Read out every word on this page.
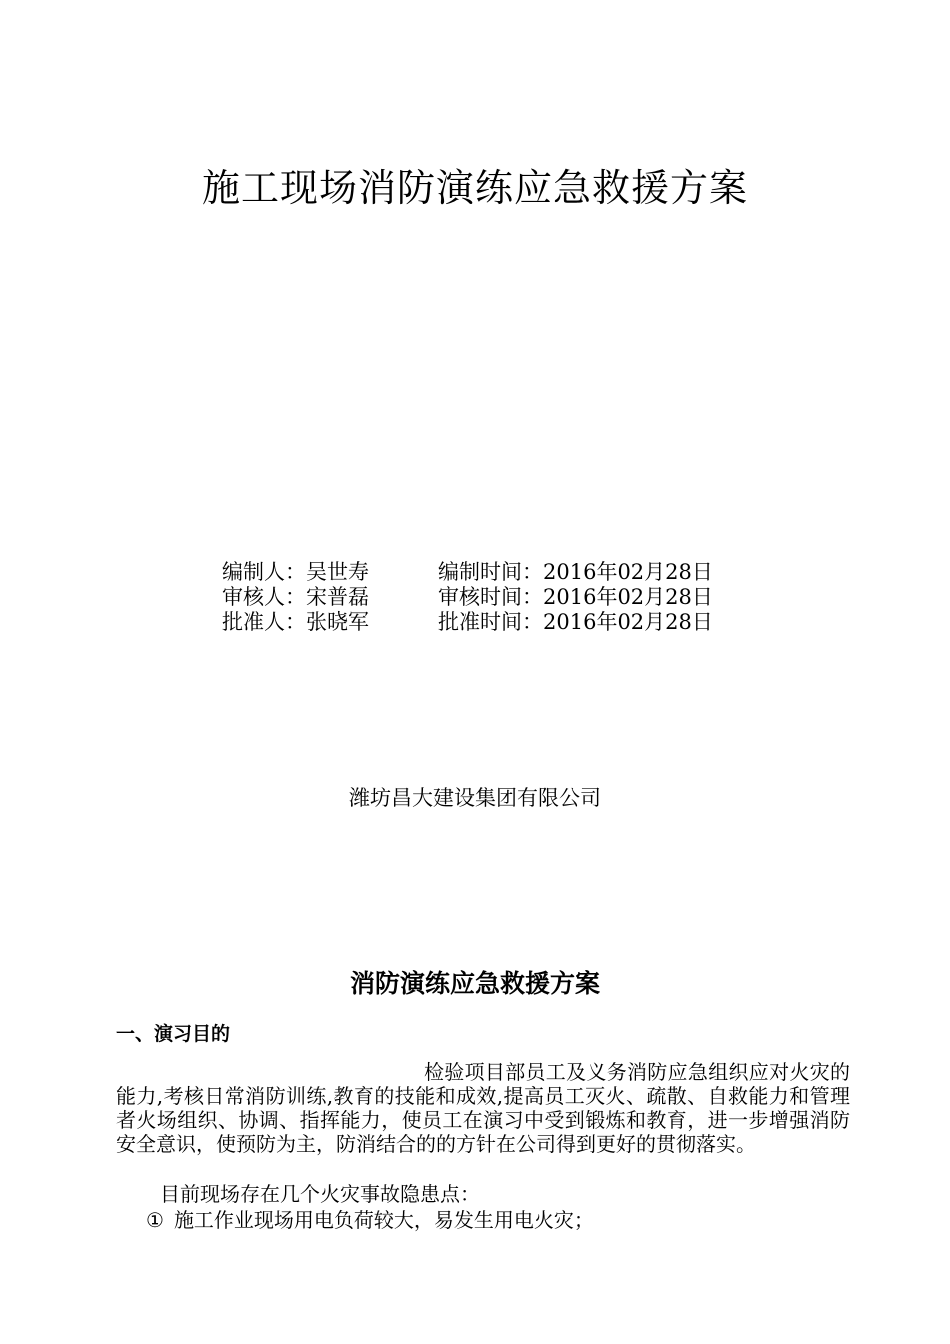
施工现场消防演练应急救援方案
编制人：吴世寿	编制时间：2016年02月28日
审核人：宋普磊	审核时间：2016年02月28日
批准人：张晓军	批准时间：2016年02月28日
潍坊昌大建设集团有限公司
消防演练应急救援方案
一、演习目的
检验项目部员工及义务消防应急组织应对火灾的能力,考核日常消防训练,教育的技能和成效,提高员工灭火、疏散、自救能力和管理者火场组织、协调、指挥能力，使员工在演习中受到锻炼和教育，进一步增强消防安全意识，使预防为主，防消结合的的方针在公司得到更好的贯彻落实。
目前现场存在几个火灾事故隐患点：
① 施工作业现场用电负荷较大，易发生用电火灾；
